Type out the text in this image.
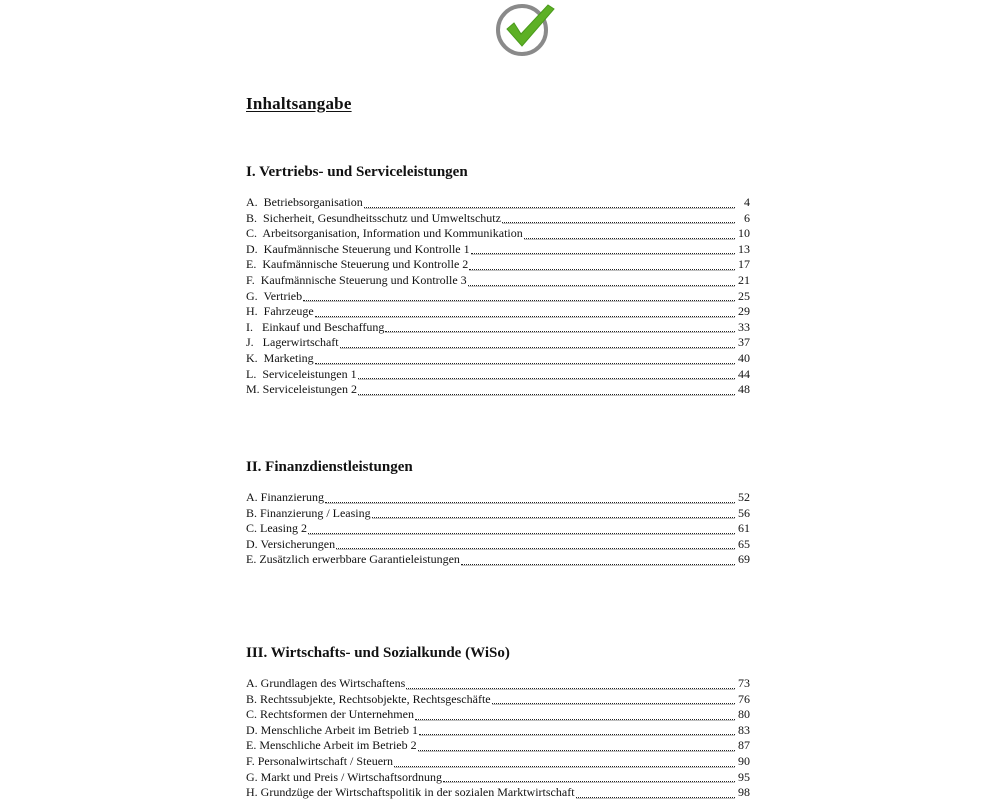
Inhaltsangabe
I. Vertriebs- und Serviceleistungen
A.  Betriebsorganisation	4
B.  Sicherheit, Gesundheitsschutz und Umweltschutz	6
C.  Arbeitsorganisation, Information und Kommunikation	10
D.  Kaufmännische Steuerung und Kontrolle 1	13
E.  Kaufmännische Steuerung und Kontrolle 2	17
F.  Kaufmännische Steuerung und Kontrolle 3	21
G.  Vertrieb	25
H.  Fahrzeuge	29
I.   Einkauf und Beschaffung	33
J.   Lagerwirtschaft	37
K.  Marketing	40
L.  Serviceleistungen 1	44
M. Serviceleistungen 2	48
II. Finanzdienstleistungen
A. Finanzierung	52
B. Finanzierung / Leasing	56
C. Leasing 2	61
D. Versicherungen	65
E. Zusätzlich erwerbbare Garantieleistungen	69
III. Wirtschafts- und Sozialkunde (WiSo)
A. Grundlagen des Wirtschaftens	73
B. Rechtssubjekte, Rechtsobjekte, Rechtsgeschäfte	76
C. Rechtsformen der Unternehmen	80
D. Menschliche Arbeit im Betrieb 1	83
E. Menschliche Arbeit im Betrieb 2	87
F. Personalwirtschaft / Steuern	90
G. Markt und Preis / Wirtschaftsordnung	95
H. Grundzüge der Wirtschaftspolitik in der sozialen Marktwirtschaft	98
